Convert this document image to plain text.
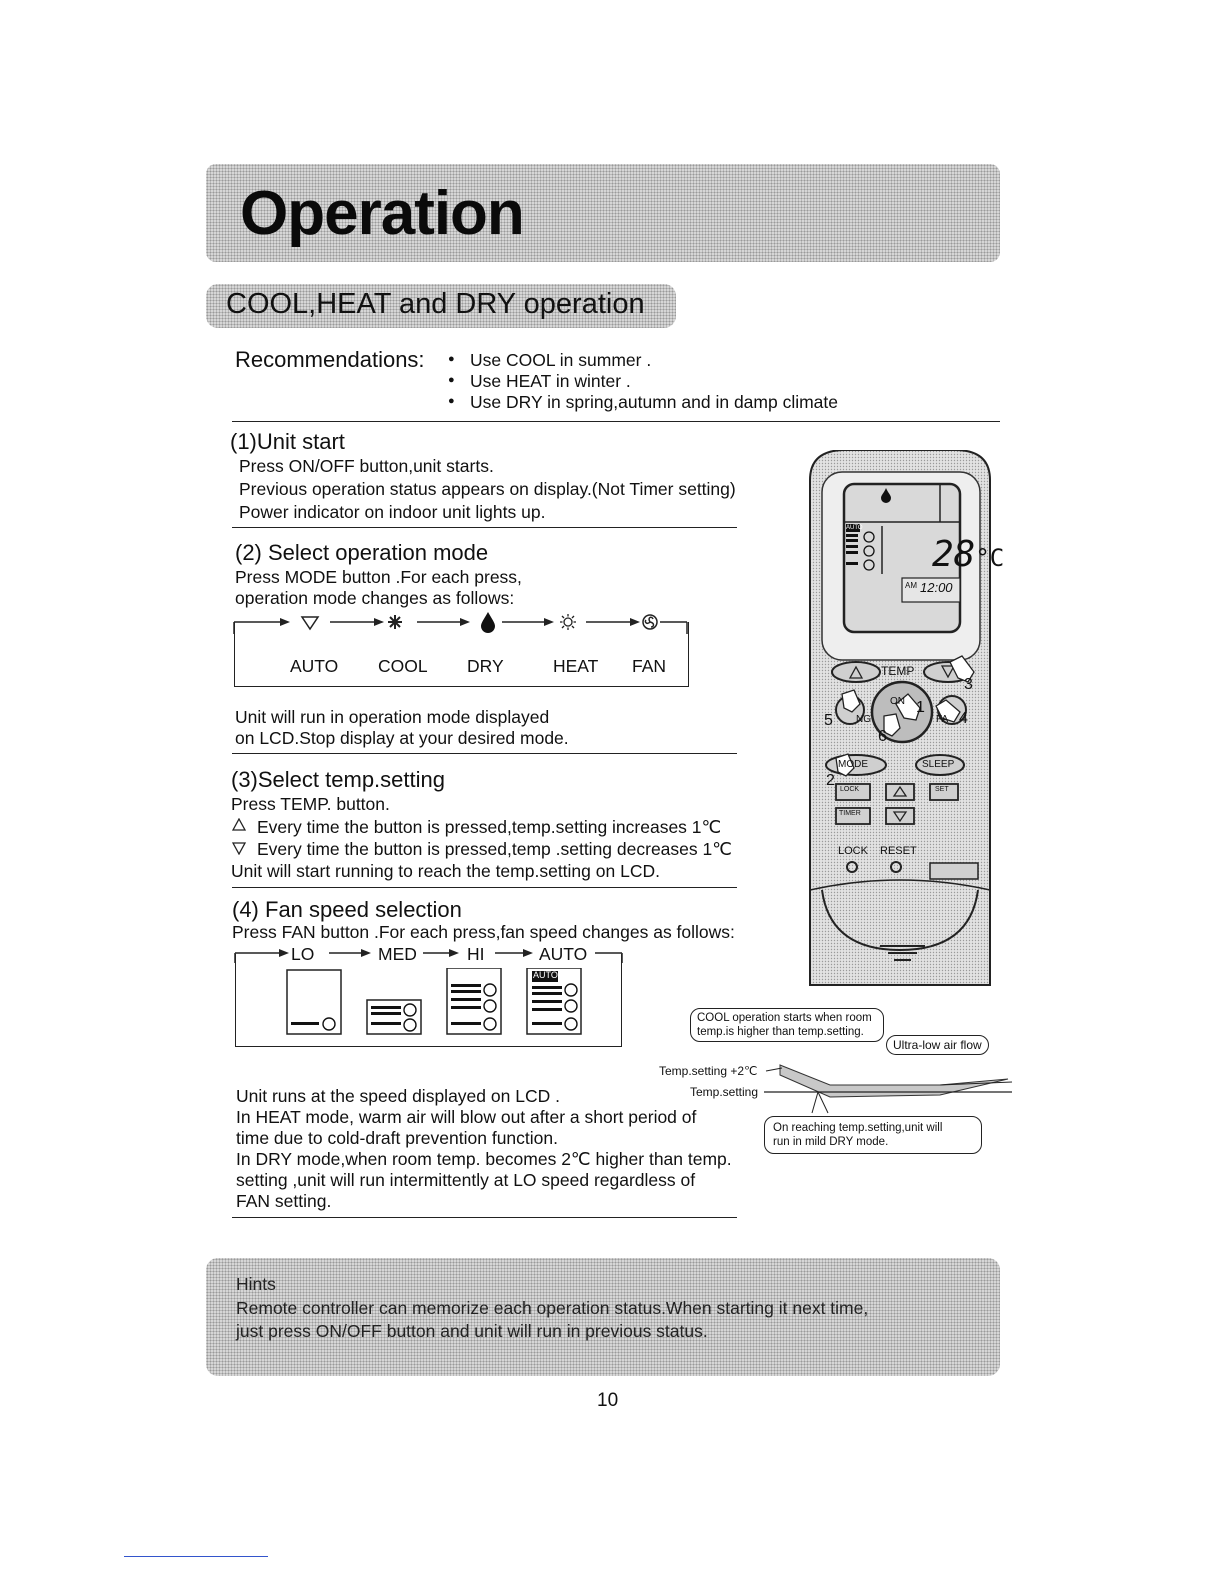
Operation
COOL,HEAT and DRY operation
Recommendations:
●	Use COOL in summer .
● Use HEAT in winter .
● Use DRY in spring,autumn and in damp climate
(1)Unit start
Press ON/OFF button,unit starts.
Previous operation status appears on display.(Not Timer setting)
Power indicator on indoor unit lights up.
(2) Select operation mode
Press MODE button .For each press,
operation mode changes as follows:
AUTO COOL DRY	HEAT FAN
Unit will run in operation mode displayed
on LCD.Stop display at your desired mode.
(3)Select temp.setting
Press TEMP. button.
Every time the button is pressed,temp.setting increases 1℃
Every time the button is pressed,temp .setting decreases 1℃
Unit will start running to reach the temp.setting on LCD.
(4) Fan speed selection
Press FAN button .For each press,fan speed changes as follows:
LO	MED	HI	AUTO
AUTO
Unit runs at the speed displayed on LCD .
In HEAT mode, warm air will blow out after a short period of
time due to cold-draft prevention function.
In DRY mode,when room temp. becomes 2℃ higher than temp.
setting ,unit will run intermittently at LO speed regardless of
FAN setting.
COOL operation starts when room
temp.is higher than temp.setting.
Ultra-low air flow
Temp.setting +2℃
Temp.setting
On reaching temp.setting,unit will
run in mild DRY mode.
28°C
AM 12:00
AUTO
TEMP
ON
NG	FA
MODE	SLEEP
LOCK	SET
TIMER
LOCK RESET
1
2
3
4
5
6
Hints
Remote controller can memorize each operation status.When starting it next time,
just press ON/OFF button and unit will run in previous status.
10
